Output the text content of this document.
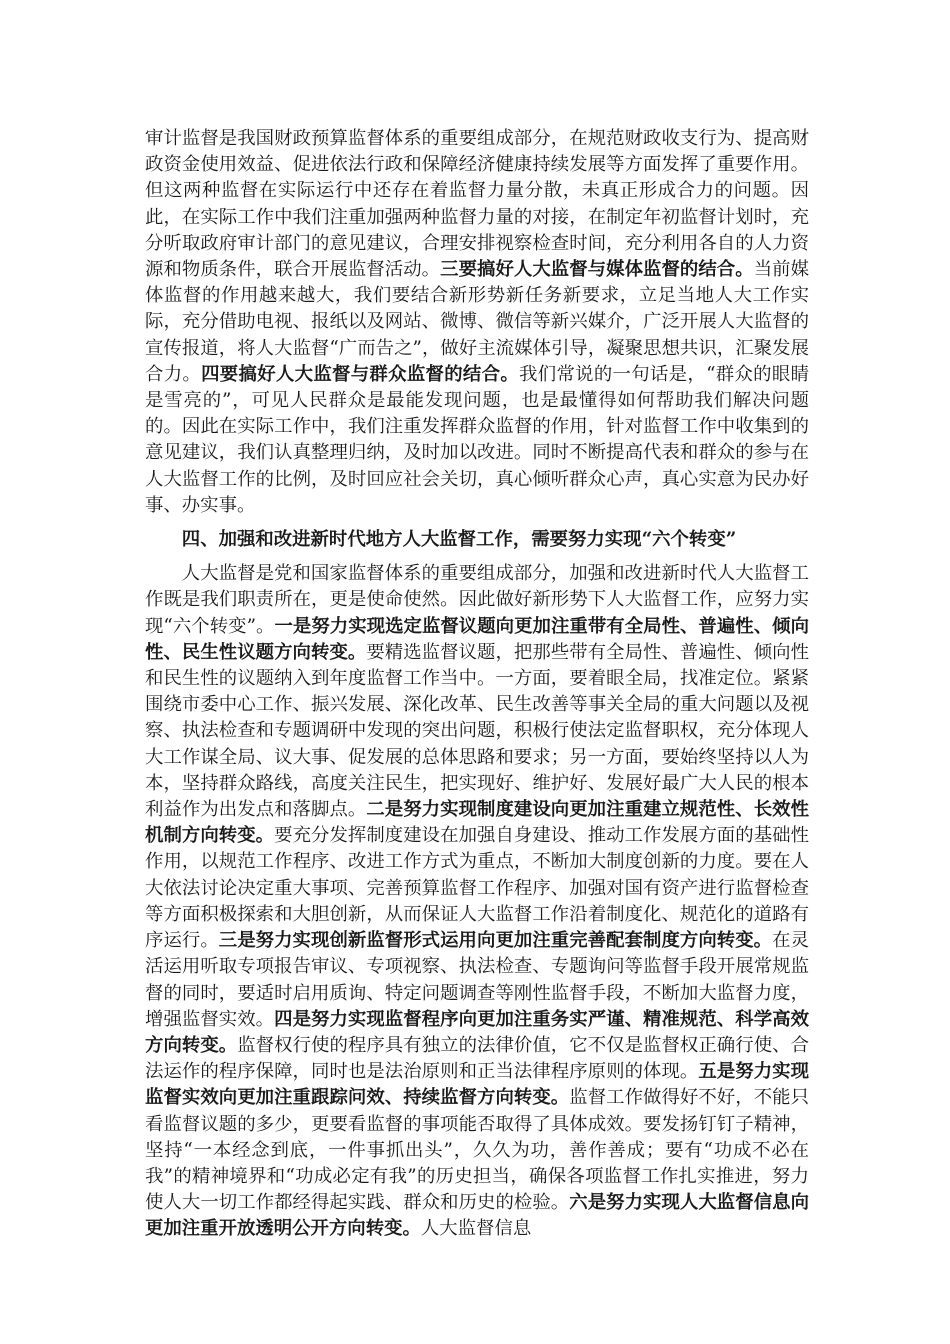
审计监督是我国财政预算监督体系的重要组成部分，在规范财政收支行为、提高财政资金使用效益、促进依法行政和保障经济健康持续发展等方面发挥了重要作用。但这两种监督在实际运行中还存在着监督力量分散，未真正形成合力的问题。因此，在实际工作中我们注重加强两种监督力量的对接，在制定年初监督计划时，充分听取政府审计部门的意见建议，合理安排视察检查时间，充分利用各自的人力资源和物质条件，联合开展监督活动。三要搞好人大监督与媒体监督的结合。当前媒体监督的作用越来越大，我们要结合新形势新任务新要求，立足当地人大工作实际，充分借助电视、报纸以及网站、微博、微信等新兴媒介，广泛开展人大监督的宣传报道，将人大监督“广而告之”，做好主流媒体引导，凝聚思想共识，汇聚发展合力。四要搞好人大监督与群众监督的结合。我们常说的一句话是，“群众的眼睛是雪亮的”，可见人民群众是最能发现问题，也是最懂得如何帮助我们解决问题的。因此在实际工作中，我们注重发挥群众监督的作用，针对监督工作中收集到的意见建议，我们认真整理归纳，及时加以改进。同时不断提高代表和群众的参与在人大监督工作的比例，及时回应社会关切，真心倾听群众心声，真心实意为民办好事、办实事。

四、加强和改进新时代地方人大监督工作，需要努力实现“六个转变”

人大监督是党和国家监督体系的重要组成部分，加强和改进新时代人大监督工作既是我们职责所在，更是使命使然。因此做好新形势下人大监督工作，应努力实现“六个转变”。一是努力实现选定监督议题向更加注重带有全局性、普遍性、倾向性、民生性议题方向转变。要精选监督议题，把那些带有全局性、普遍性、倾向性和民生性的议题纳入到年度监督工作当中。一方面，要着眼全局，找准定位。紧紧围绕市委中心工作、振兴发展、深化改革、民生改善等事关全局的重大问题以及视察、执法检查和专题调研中发现的突出问题，积极行使法定监督职权，充分体现人大工作谋全局、议大事、促发展的总体思路和要求；另一方面，要始终坚持以人为本，坚持群众路线，高度关注民生，把实现好、维护好、发展好最广大人民的根本利益作为出发点和落脚点。二是努力实现制度建设向更加注重建立规范性、长效性机制方向转变。要充分发挥制度建设在加强自身建设、推动工作发展方面的基础性作用，以规范工作程序、改进工作方式为重点，不断加大制度创新的力度。要在人大依法讨论决定重大事项、完善预算监督工作程序、加强对国有资产进行监督检查等方面积极探索和大胆创新，从而保证人大监督工作沿着制度化、规范化的道路有序运行。三是努力实现创新监督形式运用向更加注重完善配套制度方向转变。在灵活运用听取专项报告审议、专项视察、执法检查、专题询问等监督手段开展常规监督的同时，要适时启用质询、特定问题调查等刚性监督手段，不断加大监督力度，增强监督实效。四是努力实现监督程序向更加注重务实严谨、精准规范、科学高效方向转变。监督权行使的程序具有独立的法律价值，它不仅是监督权正确行使、合法运作的程序保障，同时也是法治原则和正当法律程序原则的体现。五是努力实现监督实效向更加注重跟踪问效、持续监督方向转变。监督工作做得好不好，不能只看监督议题的多少，更要看监督的事项能否取得了具体成效。要发扬钉钉子精神，坚持“一本经念到底，一件事抓出头”，久久为功，善作善成；要有“功成不必在我”的精神境界和“功成必定有我”的历史担当，确保各项监督工作扎实推进，努力使人大一切工作都经得起实践、群众和历史的检验。六是努力实现人大监督信息向更加注重开放透明公开方向转变。人大监督信息
